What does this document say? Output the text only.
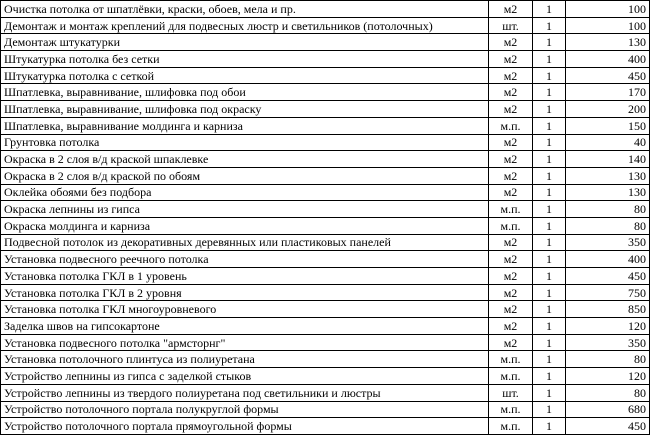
Очистка потолка от шпатлёвки, краски, обоев, мела и пр.	м2	1	100
Демонтаж и монтаж креплений для подвесных люстр и светильников (потолочных)	шт.	1	100
Демонтаж штукатурки	м2	1	130
Штукатурка потолка без сетки	м2	1	400
Штукатурка потолка с сеткой	м2	1	450
Шпатлевка, выравнивание, шлифовка под обои	м2	1	170
Шпатлевка, выравнивание, шлифовка под окраску	м2	1	200
Шпатлевка, выравнивание молдинга и карниза	м.п.	1	150
Грунтовка потолка	м2	1	40
Окраска в 2 слоя в/д краской шпаклевке	м2	1	140
Окраска в 2 слоя в/д краской по обоям	м2	1	130
Оклейка обоями без подбора	м2	1	130
Окраска лепнины из гипса	м.п.	1	80
Окраска молдинга и карниза	м.п.	1	80
Подвесной потолок из декоративных деревянных или пластиковых панелей	м2	1	350
Установка подвесного реечного потолка	м2	1	400
Установка потолка ГКЛ в 1 уровень	м2	1	450
Установка потолка ГКЛ в 2 уровня	м2	1	750
Установка потолка ГКЛ многоуровневого	м2	1	850
Заделка швов на гипсокартоне	м2	1	120
Установка подвесного потолка "армсторнг"	м2	1	350
Установка потолочного плинтуса из полиуретана	м.п.	1	80
Устройство лепнины из гипса с заделкой стыков	м.п.	1	120
Устройство лепнины из твердого полиуретана под светильники и люстры	шт.	1	80
Устройство потолочного портала полукруглой формы	м.п.	1	680
Устройство потолочного портала прямоугольной формы	м.п.	1	450
